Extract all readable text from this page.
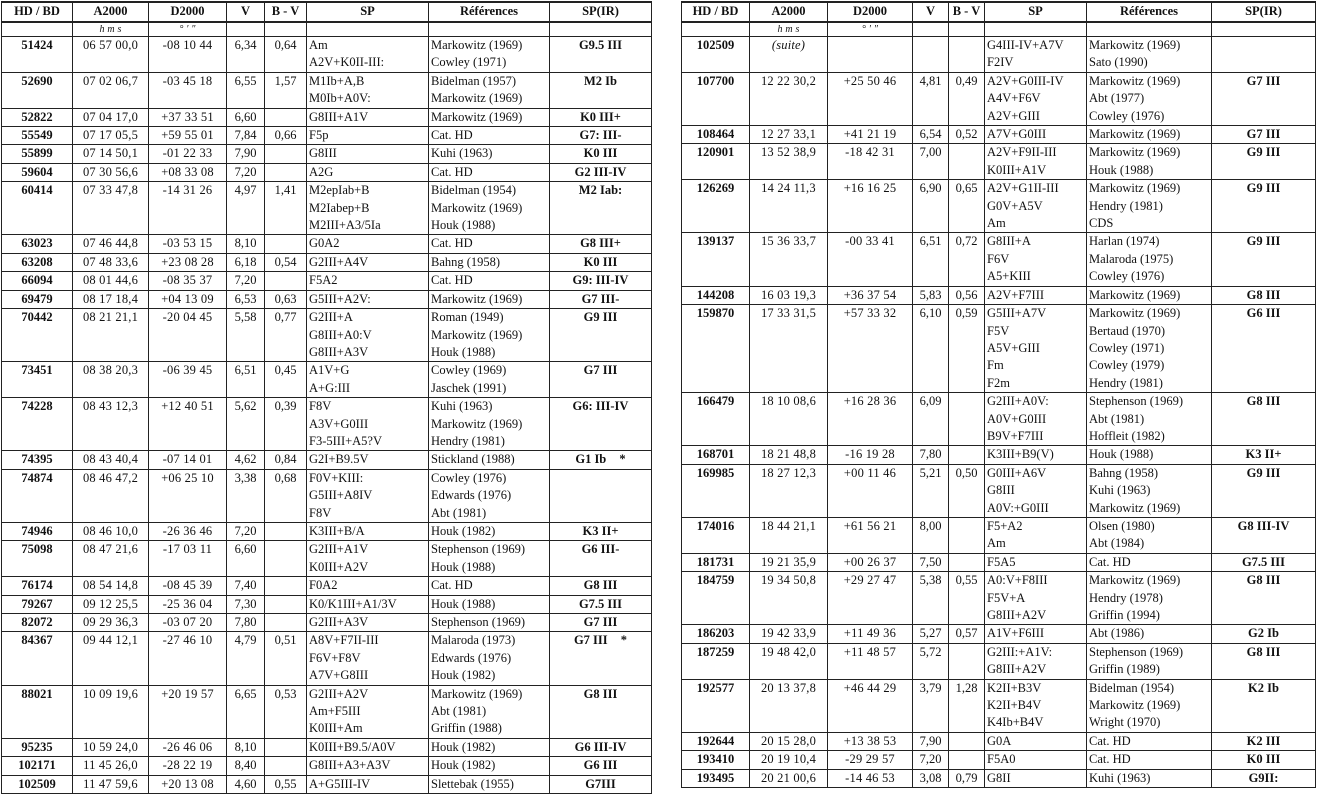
HD / BD	A2000	D2000	V	B - V	SP	Références	SP(IR)
	h m s	° ′ ″					
51424	06 57 00,0	-08 10 44	6,34	0,64	Am	Markowitz (1969)	G9.5 III
					A2V+K0II-III:	Cowley (1971)	
52690	07 02 06,7	-03 45 18	6,55	1,57	M1Ib+A,B	Bidelman (1957)	M2 Ib
					M0Ib+A0V:	Markowitz (1969)	
52822	07 04 17,0	+37 33 51	6,60		G8III+A1V	Markowitz (1969)	K0 III+
55549	07 17 05,5	+59 55 01	7,84	0,66	F5p	Cat. HD	G7: III-
55899	07 14 50,1	-01 22 33	7,90		G8III	Kuhi (1963)	K0 III
59604	07 30 56,6	+08 33 08	7,20		A2G	Cat. HD	G2 III-IV
60414	07 33 47,8	-14 31 26	4,97	1,41	M2epIab+B	Bidelman (1954)	M2 Iab:
					M2Iabep+B	Markowitz (1969)	
					M2III+A3/5Ia	Houk (1988)	
63023	07 46 44,8	-03 53 15	8,10		G0A2	Cat. HD	G8 III+
63208	07 48 33,6	+23 08 28	6,18	0,54	G2III+A4V	Bahng (1958)	K0 III
66094	08 01 44,6	-08 35 37	7,20		F5A2	Cat. HD	G9: III-IV
69479	08 17 18,4	+04 13 09	6,53	0,63	G5III+A2V:	Markowitz (1969)	G7 III-
70442	08 21 21,1	-20 04 45	5,58	0,77	G2III+A	Roman (1949)	G9 III
					G8III+A0:V	Markowitz (1969)	
					G8III+A3V	Houk (1988)	
73451	08 38 20,3	-06 39 45	6,51	0,45	A1V+G	Cowley (1969)	G7 III
					A+G:III	Jaschek (1991)	
74228	08 43 12,3	+12 40 51	5,62	0,39	F8V	Kuhi (1963)	G6: III-IV
					A3V+G0III	Markowitz (1969)	
					F3-5III+A5?V	Hendry (1981)	
74395	08 43 40,4	-07 14 01	4,62	0,84	G2I+B9.5V	Stickland (1988)	G1 Ib *
74874	08 46 47,2	+06 25 10	3,38	0,68	F0V+KIII:	Cowley (1976)	
					G5III+A8IV	Edwards (1976)	
					F8V	Abt (1981)	
74946	08 46 10,0	-26 36 46	7,20		K3III+B/A	Houk (1982)	K3 II+
75098	08 47 21,6	-17 03 11	6,60		G2III+A1V	Stephenson (1969)	G6 III-
					K0III+A2V	Houk (1988)	
76174	08 54 14,8	-08 45 39	7,40		F0A2	Cat. HD	G8 III
79267	09 12 25,5	-25 36 04	7,30		K0/K1III+A1/3V	Houk (1988)	G7.5 III
82072	09 29 36,3	-03 07 20	7,80		G2III+A3V	Stephenson (1969)	G7 III
84367	09 44 12,1	-27 46 10	4,79	0,51	A8V+F7II-III	Malaroda (1973)	G7 III *
					F6V+F8V	Edwards (1976)	
					A7V+G8III	Houk (1982)	
88021	10 09 19,6	+20 19 57	6,65	0,53	G2III+A2V	Markowitz (1969)	G8 III
					Am+F5III	Abt (1981)	
					K0III+Am	Griffin (1988)	
95235	10 59 24,0	-26 46 06	8,10		K0III+B9.5/A0V	Houk (1982)	G6 III-IV
102171	11 45 26,0	-28 22 19	8,40		G8III+A3+A3V	Houk (1982)	G6 III
102509	11 47 59,6	+20 13 08	4,60	0,55	A+G5III-IV	Slettebak (1955)	G7III
HD / BD	A2000	D2000	V	B - V	SP	Références	SP(IR)
	h m s	° ′ ″					
102509	(suite)				G4III-IV+A7V	Markowitz (1969)	
					F2IV	Sato (1990)	
107700	12 22 30,2	+25 50 46	4,81	0,49	A2V+G0III-IV	Markowitz (1969)	G7 III
					A4V+F6V	Abt (1977)	
					A2V+GIII	Cowley (1976)	
108464	12 27 33,1	+41 21 19	6,54	0,52	A7V+G0III	Markowitz (1969)	G7 III
120901	13 52 38,9	-18 42 31	7,00		A2V+F9II-III	Markowitz (1969)	G9 III
					K0III+A1V	Houk (1988)	
126269	14 24 11,3	+16 16 25	6,90	0,65	A2V+G1II-III	Markowitz (1969)	G9 III
					G0V+A5V	Hendry (1981)	
					Am	CDS	
139137	15 36 33,7	-00 33 41	6,51	0,72	G8III+A	Harlan (1974)	G9 III
					F6V	Malaroda (1975)	
					A5+KIII	Cowley (1976)	
144208	16 03 19,3	+36 37 54	5,83	0,56	A2V+F7III	Markowitz (1969)	G8 III
159870	17 33 31,5	+57 33 32	6,10	0,59	G5III+A7V	Markowitz (1969)	G6 III
					F5V	Bertaud (1970)	
					A5V+GIII	Cowley (1971)	
					Fm	Cowley (1979)	
					F2m	Hendry (1981)	
166479	18 10 08,6	+16 28 36	6,09		G2III+A0V:	Stephenson (1969)	G8 III
					A0V+G0III	Abt (1981)	
					B9V+F7III	Hoffleit (1982)	
168701	18 21 48,8	-16 19 28	7,80		K3III+B9(V)	Houk (1988)	K3 II+
169985	18 27 12,3	+00 11 46	5,21	0,50	G0III+A6V	Bahng (1958)	G9 III
					G8III	Kuhi (1963)	
					A0V:+G0III	Markowitz (1969)	
174016	18 44 21,1	+61 56 21	8,00		F5+A2	Olsen (1980)	G8 III-IV
					Am	Abt (1984)	
181731	19 21 35,9	+00 26 37	7,50		F5A5	Cat. HD	G7.5 III
184759	19 34 50,8	+29 27 47	5,38	0,55	A0:V+F8III	Markowitz (1969)	G8 III
					F5V+A	Hendry (1978)	
					G8III+A2V	Griffin (1994)	
186203	19 42 33,9	+11 49 36	5,27	0,57	A1V+F6III	Abt (1986)	G2 Ib
187259	19 48 42,0	+11 48 57	5,72		G2III:+A1V:	Stephenson (1969)	G8 III
					G8III+A2V	Griffin (1989)	
192577	20 13 37,8	+46 44 29	3,79	1,28	K2II+B3V	Bidelman (1954)	K2 Ib
					K2II+B4V	Markowitz (1969)	
					K4Ib+B4V	Wright (1970)	
192644	20 15 28,0	+13 38 53	7,90		G0A	Cat. HD	K2 III
193410	20 19 10,4	-29 29 57	7,20		F5A0	Cat. HD	K0 III
193495	20 21 00,6	-14 46 53	3,08	0,79	G8II	Kuhi (1963)	G9II:
